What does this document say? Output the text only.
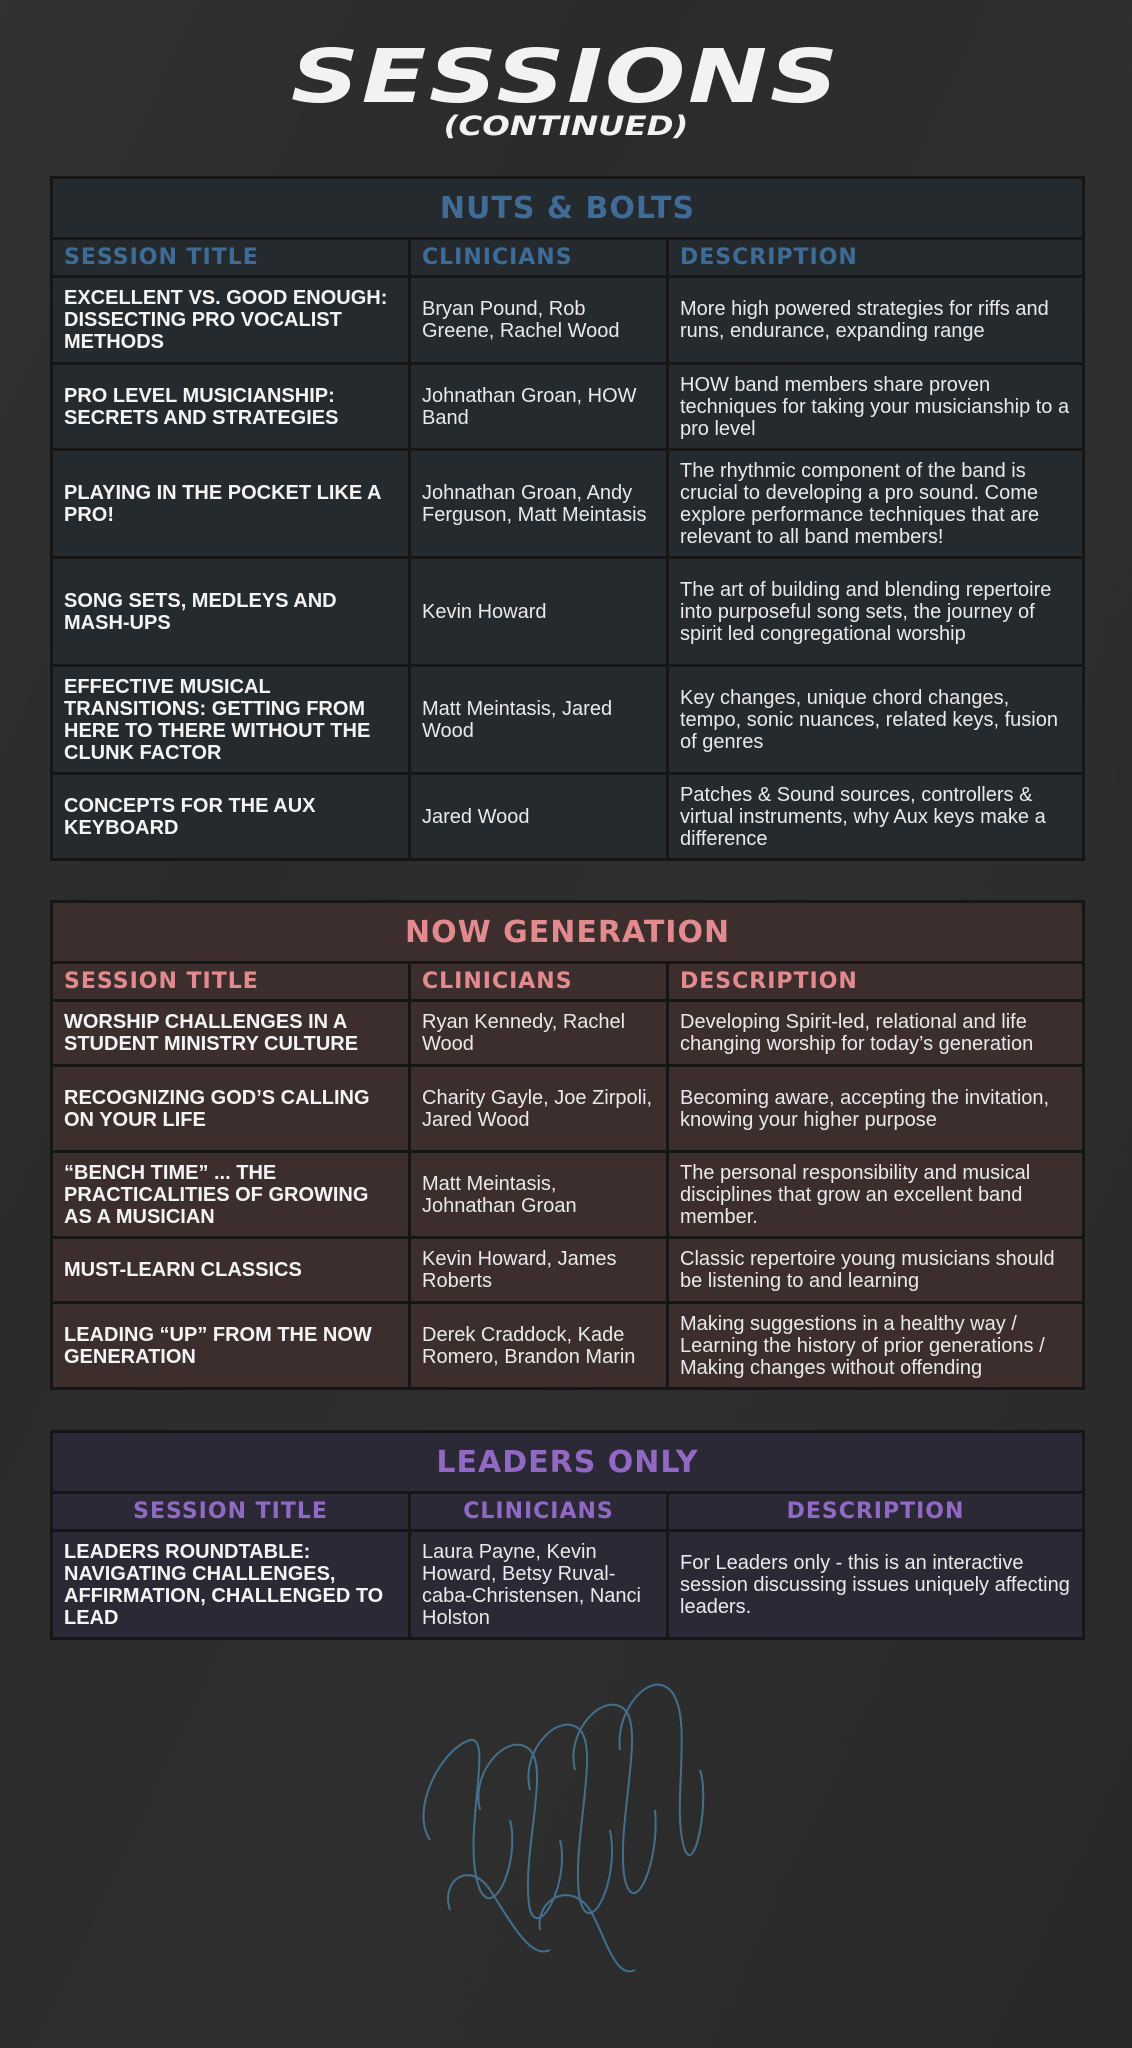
SESSIONS
(CONTINUED)
NUTS & BOLTS		
SESSION TITLE	CLINICIANS	DESCRIPTION
EXCELLENT VS. GOOD ENOUGH: DISSECTING PRO VOCALIST METHODS	Bryan Pound, Rob Greene, Rachel Wood	More high powered strategies for riffs and runs, endurance, expanding range
PRO LEVEL MUSICIANSHIP: SECRETS AND STRATEGIES	Johnathan Groan, HOW Band	HOW band members share proven techniques for taking your musicianship to a pro level
PLAYING IN THE POCKET LIKE A PRO!	Johnathan Groan, Andy Ferguson, Matt Meintasis	The rhythmic component of the band is crucial to developing a pro sound. Come explore performance techniques that are relevant to all band members!
SONG SETS, MEDLEYS AND MASH-UPS	Kevin Howard	The art of building and blending repertoire into purposeful song sets, the journey of spirit led congregational worship
EFFECTIVE MUSICAL TRANSITIONS: GETTING FROM HERE TO THERE WITHOUT THE CLUNK FACTOR	Matt Meintasis, Jared Wood	Key changes, unique chord changes, tempo, sonic nuances, related keys, fusion of genres
CONCEPTS FOR THE AUX KEYBOARD	Jared Wood	Patches & Sound sources, controllers & virtual instruments, why Aux keys make a difference
NOW GENERATION		
SESSION TITLE	CLINICIANS	DESCRIPTION
WORSHIP CHALLENGES IN A STUDENT MINISTRY CULTURE	Ryan Kennedy, Rachel Wood	Developing Spirit-led, relational and life changing worship for today’s generation
RECOGNIZING GOD’S CALLING ON YOUR LIFE	Charity Gayle, Joe Zirpoli, Jared Wood	Becoming aware, accepting the invitation, knowing your higher purpose
“BENCH TIME” ... THE PRACTICALITIES OF GROWING AS A MUSICIAN	Matt Meintasis, Johnathan Groan	The personal responsibility and musical disciplines that grow an excellent band member.
MUST-LEARN CLASSICS	Kevin Howard, James Roberts	Classic repertoire young musicians should be listening to and learning
LEADING “UP” FROM THE NOW GENERATION	Derek Craddock, Kade Romero, Brandon Marin	Making suggestions in a healthy way / Learning the history of prior generations / Making changes without offending
LEADERS ONLY		
SESSION TITLE	CLINICIANS	DESCRIPTION
LEADERS ROUNDTABLE: NAVIGATING CHALLENGES, AFFIRMATION, CHALLENGED TO LEAD	Laura Payne, Kevin Howard, Betsy Ruval-caba-Christensen, Nanci Holston	For Leaders only - this is an interactive session discussing issues uniquely affecting leaders.
